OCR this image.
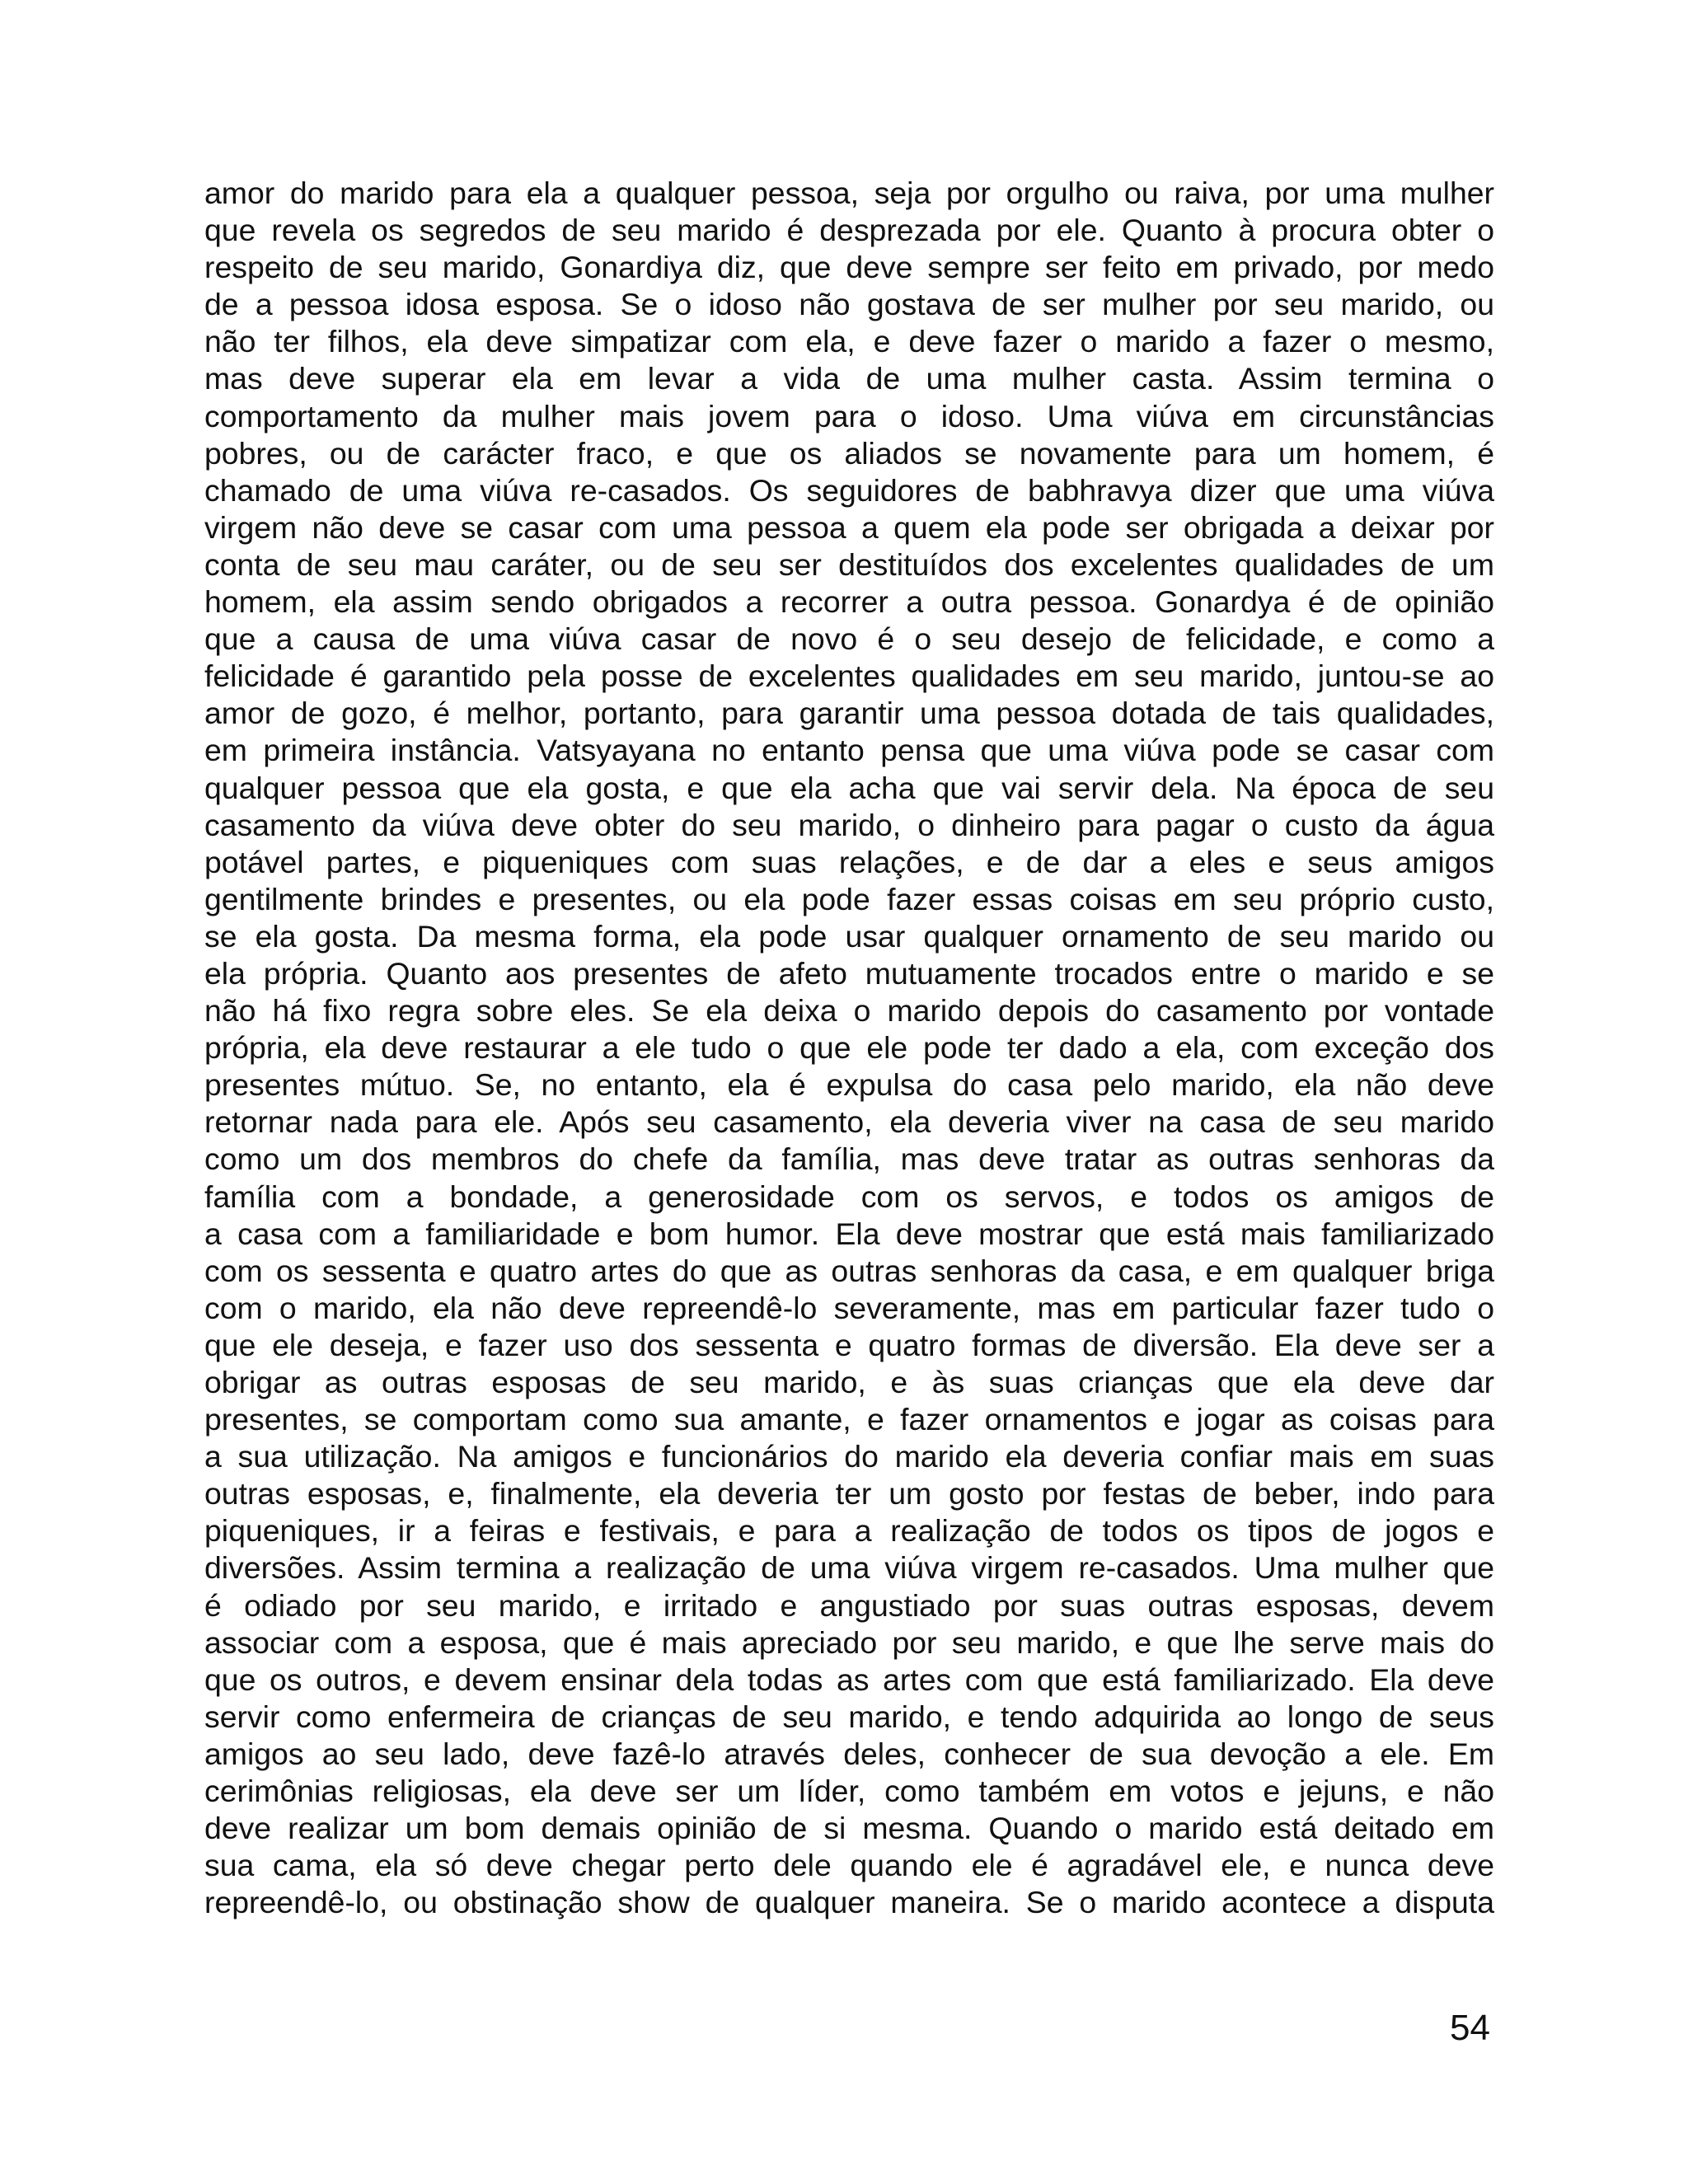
amor do marido para ela a qualquer pessoa, seja por orgulho ou raiva, por uma mulher
que revela os segredos de seu marido é desprezada por ele. Quanto à procura obter o
respeito de seu marido, Gonardiya diz, que deve sempre ser feito em privado, por medo
de a pessoa idosa esposa. Se o idoso não gostava de ser mulher por seu marido, ou
não ter filhos, ela deve simpatizar com ela, e deve fazer o marido a fazer o mesmo,
mas deve superar ela em levar a vida de uma mulher casta. Assim termina o
comportamento da mulher mais jovem para o idoso. Uma viúva em circunstâncias
pobres, ou de carácter fraco, e que os aliados se novamente para um homem, é
chamado de uma viúva re-casados. Os seguidores de babhravya dizer que uma viúva
virgem não deve se casar com uma pessoa a quem ela pode ser obrigada a deixar por
conta de seu mau caráter, ou de seu ser destituídos dos excelentes qualidades de um
homem, ela assim sendo obrigados a recorrer a outra pessoa. Gonardya é de opinião
que a causa de uma viúva casar de novo é o seu desejo de felicidade, e como a
felicidade é garantido pela posse de excelentes qualidades em seu marido, juntou-se ao
amor de gozo, é melhor, portanto, para garantir uma pessoa dotada de tais qualidades,
em primeira instância. Vatsyayana no entanto pensa que uma viúva pode se casar com
qualquer pessoa que ela gosta, e que ela acha que vai servir dela. Na época de seu
casamento da viúva deve obter do seu marido, o dinheiro para pagar o custo da água
potável partes, e piqueniques com suas relações, e de dar a eles e seus amigos
gentilmente brindes e presentes, ou ela pode fazer essas coisas em seu próprio custo,
se ela gosta. Da mesma forma, ela pode usar qualquer ornamento de seu marido ou
ela própria. Quanto aos presentes de afeto mutuamente trocados entre o marido e se
não há fixo regra sobre eles. Se ela deixa o marido depois do casamento por vontade
própria, ela deve restaurar a ele tudo o que ele pode ter dado a ela, com exceção dos
presentes mútuo. Se, no entanto, ela é expulsa do casa pelo marido, ela não deve
retornar nada para ele. Após seu casamento, ela deveria viver na casa de seu marido
como um dos membros do chefe da família, mas deve tratar as outras senhoras da
família com a bondade, a generosidade com os servos, e todos os amigos de
a casa com a familiaridade e bom humor. Ela deve mostrar que está mais familiarizado
com os sessenta e quatro artes do que as outras senhoras da casa, e em qualquer briga
com o marido, ela não deve repreendê-lo severamente, mas em particular fazer tudo o
que ele deseja, e fazer uso dos sessenta e quatro formas de diversão. Ela deve ser a
obrigar as outras esposas de seu marido, e às suas crianças que ela deve dar
presentes, se comportam como sua amante, e fazer ornamentos e jogar as coisas para
a sua utilização. Na amigos e funcionários do marido ela deveria confiar mais em suas
outras esposas, e, finalmente, ela deveria ter um gosto por festas de beber, indo para
piqueniques, ir a feiras e festivais, e para a realização de todos os tipos de jogos e
diversões. Assim termina a realização de uma viúva virgem re-casados. Uma mulher que
é odiado por seu marido, e irritado e angustiado por suas outras esposas, devem
associar com a esposa, que é mais apreciado por seu marido, e que lhe serve mais do
que os outros, e devem ensinar dela todas as artes com que está familiarizado. Ela deve
servir como enfermeira de crianças de seu marido, e tendo adquirida ao longo de seus
amigos ao seu lado, deve fazê-lo através deles, conhecer de sua devoção a ele. Em
cerimônias religiosas, ela deve ser um líder, como também em votos e jejuns, e não
deve realizar um bom demais opinião de si mesma. Quando o marido está deitado em
sua cama, ela só deve chegar perto dele quando ele é agradável ele, e nunca deve
repreendê-lo, ou obstinação show de qualquer maneira. Se o marido acontece a disputa
54
